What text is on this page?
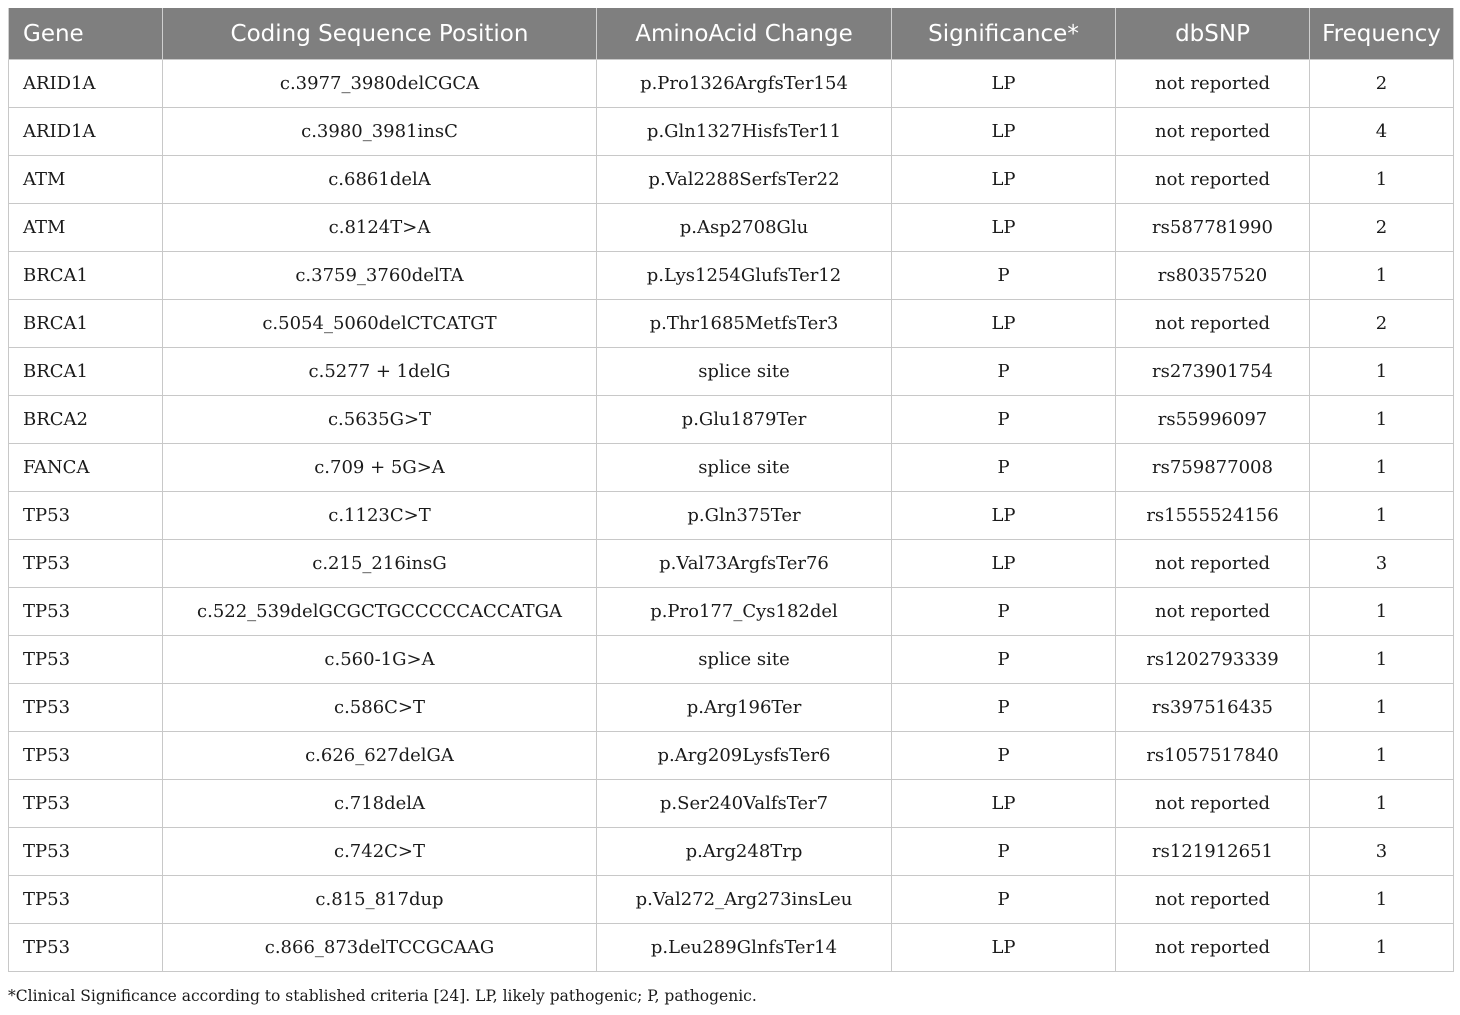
Gene	Coding Sequence Position	AminoAcid Change	Significance*	dbSNP	Frequency
ARID1A	c.3977_3980delCGCA	p.Pro1326ArgfsTer154	LP	not reported	2
ARID1A	c.3980_3981insC	p.Gln1327HisfsTer11	LP	not reported	4
ATM	c.6861delA	p.Val2288SerfsTer22	LP	not reported	1
ATM	c.8124T>A	p.Asp2708Glu	LP	rs587781990	2
BRCA1	c.3759_3760delTA	p.Lys1254GlufsTer12	P	rs80357520	1
BRCA1	c.5054_5060delCTCATGT	p.Thr1685MetfsTer3	LP	not reported	2
BRCA1	c.5277 + 1delG	splice site	P	rs273901754	1
BRCA2	c.5635G>T	p.Glu1879Ter	P	rs55996097	1
FANCA	c.709 + 5G>A	splice site	P	rs759877008	1
TP53	c.1123C>T	p.Gln375Ter	LP	rs1555524156	1
TP53	c.215_216insG	p.Val73ArgfsTer76	LP	not reported	3
TP53	c.522_539delGCGCTGCCCCCACCATGA	p.Pro177_Cys182del	P	not reported	1
TP53	c.560-1G>A	splice site	P	rs1202793339	1
TP53	c.586C>T	p.Arg196Ter	P	rs397516435	1
TP53	c.626_627delGA	p.Arg209LysfsTer6	P	rs1057517840	1
TP53	c.718delA	p.Ser240ValfsTer7	LP	not reported	1
TP53	c.742C>T	p.Arg248Trp	P	rs121912651	3
TP53	c.815_817dup	p.Val272_Arg273insLeu	P	not reported	1
TP53	c.866_873delTCCGCAAG	p.Leu289GlnfsTer14	LP	not reported	1
*Clinical Significance according to stablished criteria [24]. LP, likely pathogenic; P, pathogenic.
